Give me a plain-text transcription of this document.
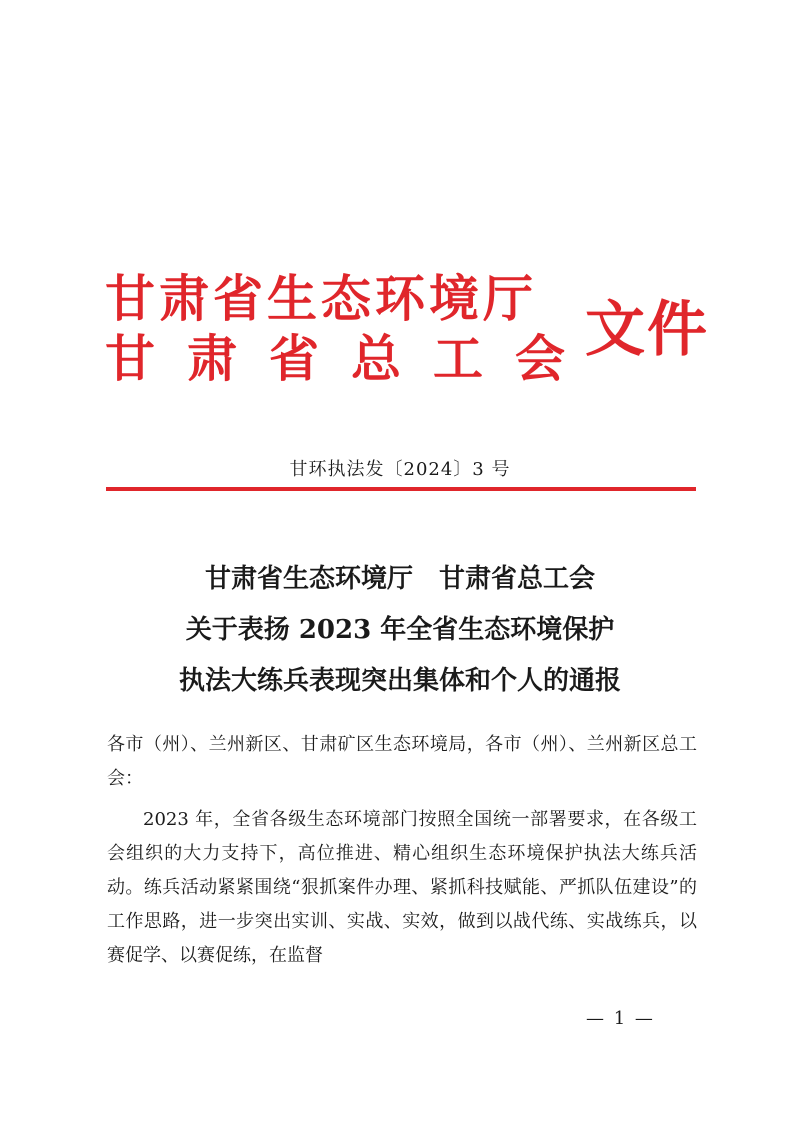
甘肃省生态环境厅
甘肃省总工会
文件
甘环执法发〔2024〕3 号
甘肃省生态环境厅　甘肃省总工会
关于表扬 2023 年全省生态环境保护
执法大练兵表现突出集体和个人的通报

各市（州）、兰州新区、甘肃矿区生态环境局，各市（州）、兰州新区总工会：

2023 年，全省各级生态环境部门按照全国统一部署要求，在各级工会组织的大力支持下，高位推进、精心组织生态环境保护执法大练兵活动。练兵活动紧紧围绕“狠抓案件办理、紧抓科技赋能、严抓队伍建设”的工作思路，进一步突出实训、实战、实效，做到以战代练、实战练兵，以赛促学、以赛促练，在监督

— 1 —
